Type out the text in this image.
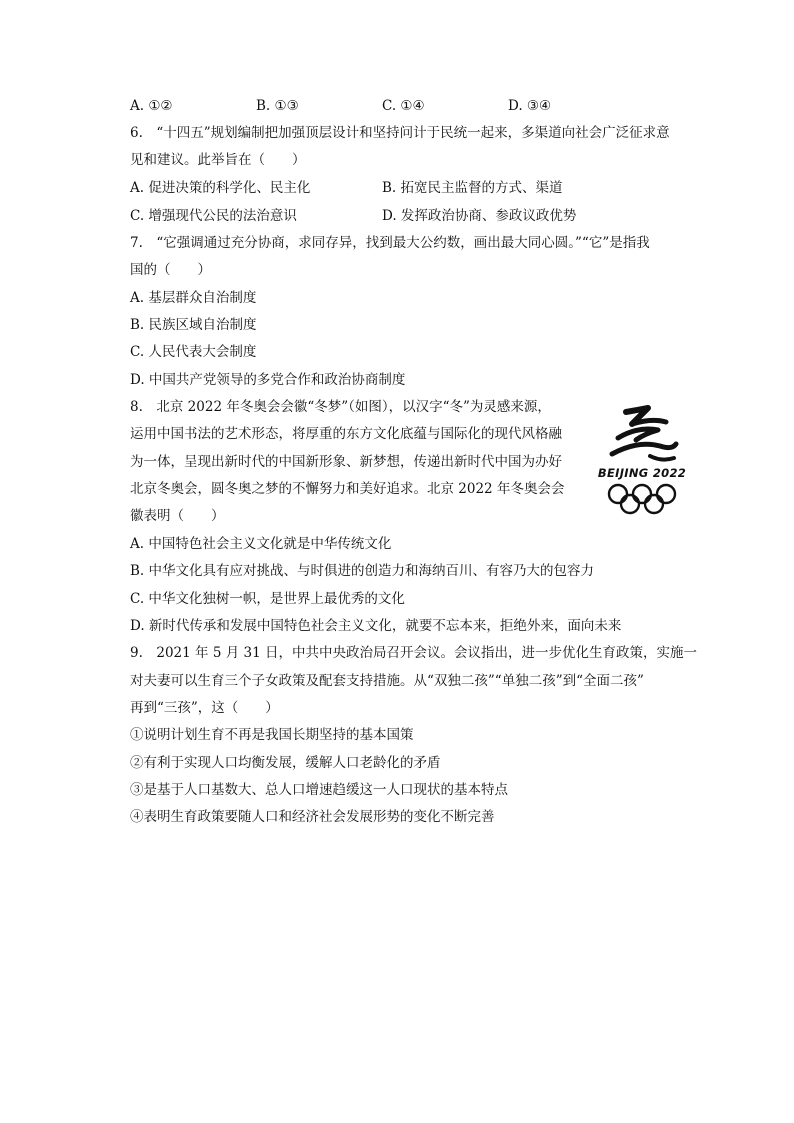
A. ①②	B. ①③	C. ①④	D. ③④
6.　“十四五”规划编制把加强顶层设计和坚持问计于民统一起来，多渠道向社会广泛征求意
见和建议。此举旨在（　　）
A. 促进决策的科学化、民主化	B. 拓宽民主监督的方式、渠道
C. 增强现代公民的法治意识	D. 发挥政治协商、参政议政优势
7.　“它强调通过充分协商，求同存异，找到最大公约数，画出最大同心圆。”“它”是指我
国的（　　）
A. 基层群众自治制度
B. 民族区域自治制度
C. 人民代表大会制度
D. 中国共产党领导的多党合作和政治协商制度
8.　北京 2022 年冬奥会会徽“冬梦”（如图），以汉字“冬”为灵感来源，
运用中国书法的艺术形态，将厚重的东方文化底蕴与国际化的现代风格融
为一体，呈现出新时代的中国新形象、新梦想，传递出新时代中国为办好
北京冬奥会，圆冬奥之梦的不懈努力和美好追求。北京 2022 年冬奥会会
徽表明（　　）
BEIJING 2022
A. 中国特色社会主义文化就是中华传统文化
B. 中华文化具有应对挑战、与时俱进的创造力和海纳百川、有容乃大的包容力
C. 中华文化独树一帜，是世界上最优秀的文化
D. 新时代传承和发展中国特色社会主义文化，就要不忘本来，拒绝外来，面向未来
9.　2021 年 5 月 31 日，中共中央政治局召开会议。会议指出，进一步优化生育政策，实施一
对夫妻可以生育三个子女政策及配套支持措施。从“双独二孩”“单独二孩”到“全面二孩”
再到“三孩”，这（　　）
①说明计划生育不再是我国长期坚持的基本国策
②有利于实现人口均衡发展，缓解人口老龄化的矛盾
③是基于人口基数大、总人口增速趋缓这一人口现状的基本特点
④表明生育政策要随人口和经济社会发展形势的变化不断完善
